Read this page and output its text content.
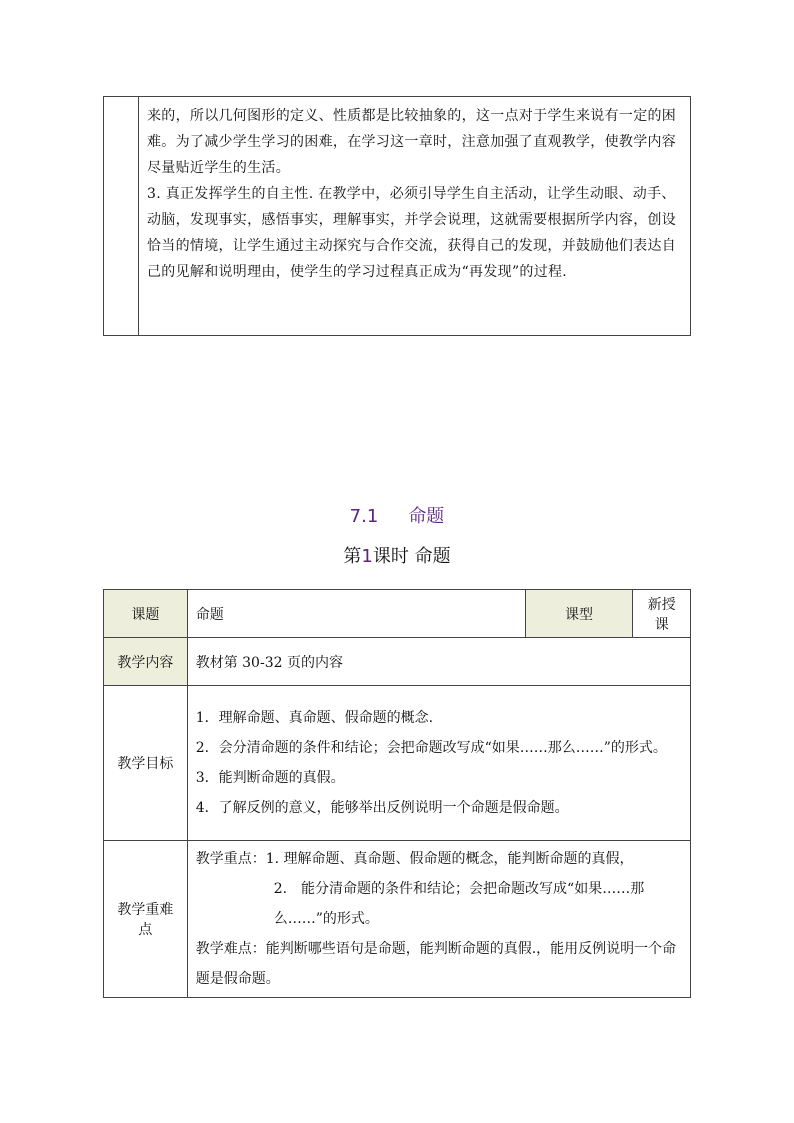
来的，所以几何图形的定义、性质都是比较抽象的，这一点对于学生来说有一定的困难。为了减少学生学习的困难，在学习这一章时，注意加强了直观教学，使教学内容尽量贴近学生的生活。

3. 真正发挥学生的自主性. 在教学中，必须引导学生自主活动，让学生动眼、动手、动脑，发现事实，感悟事实，理解事实，并学会说理，这就需要根据所学内容，创设恰当的情境，让学生通过主动探究与合作交流，获得自己的发现，并鼓励他们表达自己的见解和说明理由，使学生的学习过程真正成为“再发现”的过程.

7.1 命题
第1课时 命题
课题	命题	课型	新授课
教学内容	教材第 30-32 页的内容		
教学目标	1．理解命题、真命题、假命题的概念.

2．会分清命题的条件和结论；会把命题改写成“如果……那么……”的形式。

3．能判断命题的真假。

4．了解反例的意义，能够举出反例说明一个命题是假命题。		

教学重难点	教学重点：1. 理解命题、真命题、假命题的概念，能判断命题的真假，

2.　能分清命题的条件和结论；会把命题改写成“如果……那么……”的形式。

教学难点：能判断哪些语句是命题，能判断命题的真假.，能用反例说明一个命题是假命题。		
